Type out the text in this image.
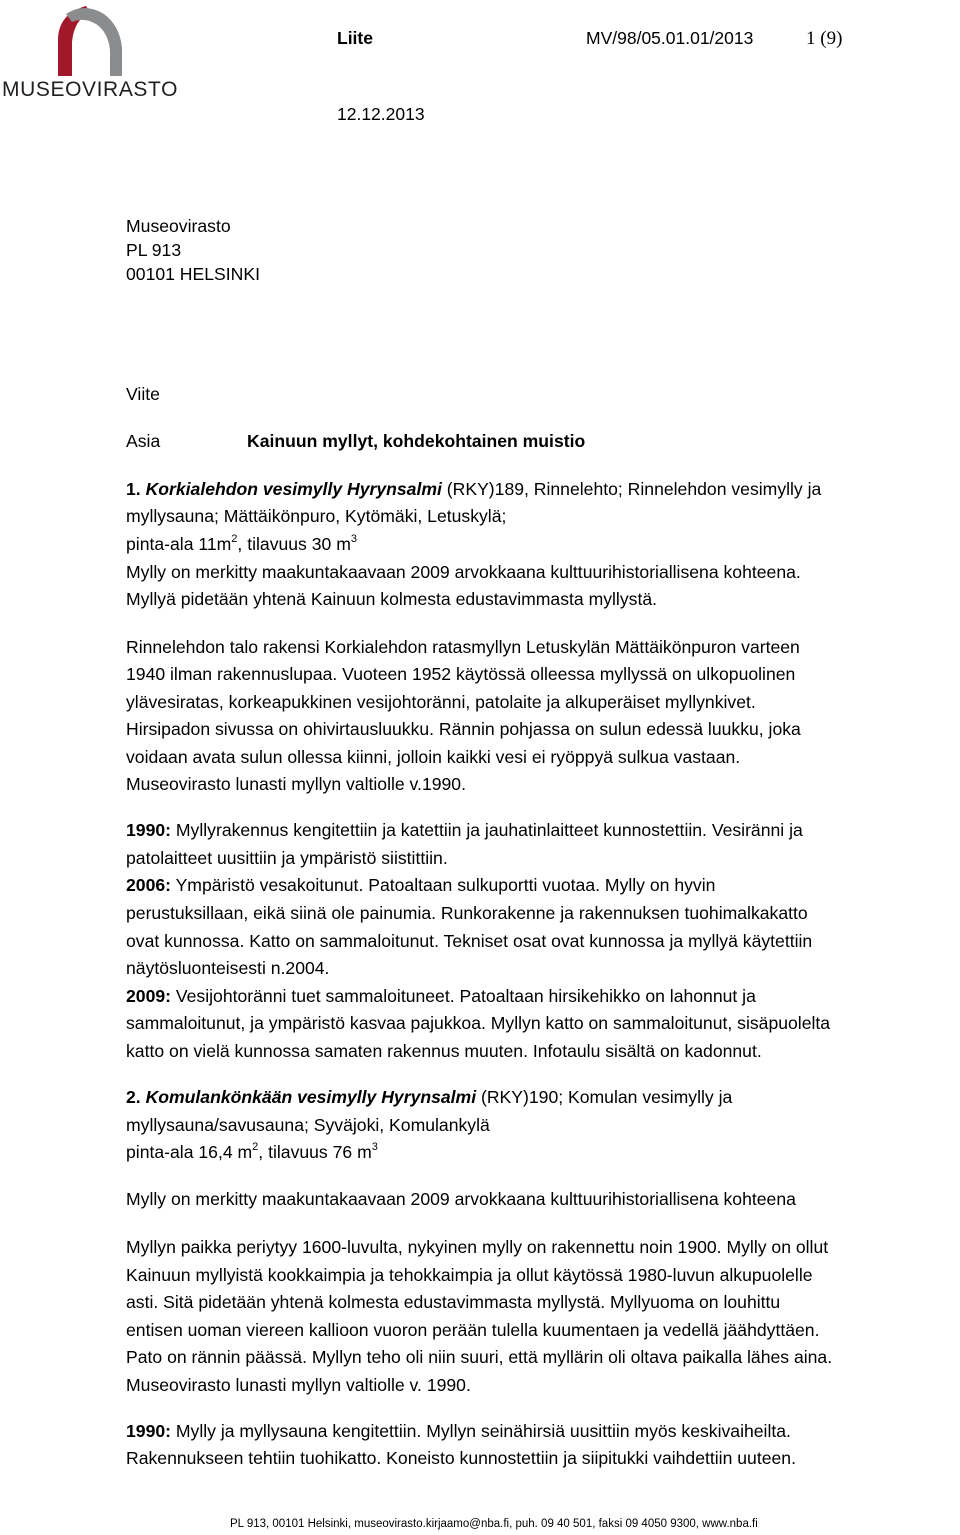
MUSEOVIRASTO
Liite	MV/98/05.01.01/2013	1 (9)
12.12.2013
Museovirasto
PL 913
00101 HELSINKI
Viite
Asia	Kainuun myllyt, kohdekohtainen muistio
1. Korkialehdon vesimylly Hyrynsalmi (RKY)189, Rinnelehto; Rinnelehdon vesimylly ja
myllysauna; Mättäikönpuro, Kytömäki, Letuskylä;
pinta-ala $11m^2$, tilavuus 30 $m^3$
Mylly on merkitty maakuntakaavaan 2009 arvokkaana kulttuurihistoriallisena kohteena.
Myllyä pidetään yhtenä Kainuun kolmesta edustavimmasta myllystä.
Rinnelehdon talo rakensi Korkialehdon ratasmyllyn Letuskylän Mättäikönpuron varteen
1940 ilman rakennuslupaa. Vuoteen 1952 käytössä olleessa myllyssä on ulkopuolinen
ylävesiratas, korkeapukkinen vesijohtoränni, patolaite ja alkuperäiset myllynkivet.
Hirsipadon sivussa on ohivirtausluukku. Rännin pohjassa on sulun edessä luukku, joka
voidaan avata sulun ollessa kiinni, jolloin kaikki vesi ei ryöppyä sulkua vastaan.
Museovirasto lunasti myllyn valtiolle v.1990.
1990: Myllyrakennus kengitettiin ja katettiin ja jauhatinlaitteet kunnostettiin. Vesiränni ja
patolaitteet uusittiin ja ympäristö siistittiin.
2006: Ympäristö vesakoitunut. Patoaltaan sulkuportti vuotaa. Mylly on hyvin
perustuksillaan, eikä siinä ole painumia. Runkorakenne ja rakennuksen tuohimalkakatto
ovat kunnossa. Katto on sammaloitunut. Tekniset osat ovat kunnossa ja myllyä käytettiin
näytösluonteisesti n.2004.
2009: Vesijohtoränni tuet sammaloituneet. Patoaltaan hirsikehikko on lahonnut ja
sammaloitunut, ja ympäristö kasvaa pajukkoa. Myllyn katto on sammaloitunut, sisäpuolelta
katto on vielä kunnossa samaten rakennus muuten. Infotaulu sisältä on kadonnut.
2. Komulankönkään vesimylly Hyrynsalmi (RKY)190; Komulan vesimylly ja
myllysauna/savusauna; Syväjoki, Komulankylä
pinta-ala 16,4 $m^2$, tilavuus 76 $m^3$
Mylly on merkitty maakuntakaavaan 2009 arvokkaana kulttuurihistoriallisena kohteena
Myllyn paikka periytyy 1600-luvulta, nykyinen mylly on rakennettu noin 1900. Mylly on ollut
Kainuun myllyistä kookkaimpia ja tehokkaimpia ja ollut käytössä 1980-luvun alkupuolelle
asti. Sitä pidetään yhtenä kolmesta edustavimmasta myllystä. Myllyuoma on louhittu
entisen uoman viereen kallioon vuoron perään tulella kuumentaen ja vedellä jäähdyttäen.
Pato on rännin päässä. Myllyn teho oli niin suuri, että myllärin oli oltava paikalla lähes aina.
Museovirasto lunasti myllyn valtiolle v. 1990.
1990: Mylly ja myllysauna kengitettiin. Myllyn seinähirsiä uusittiin myös keskivaiheilta.
Rakennukseen tehtiin tuohikatto. Koneisto kunnostettiin ja siipitukki vaihdettiin uuteen.
PL 913, 00101 Helsinki, museovirasto.kirjaamo@nba.fi, puh. 09 40 501, faksi 09 4050 9300, www.nba.fi
